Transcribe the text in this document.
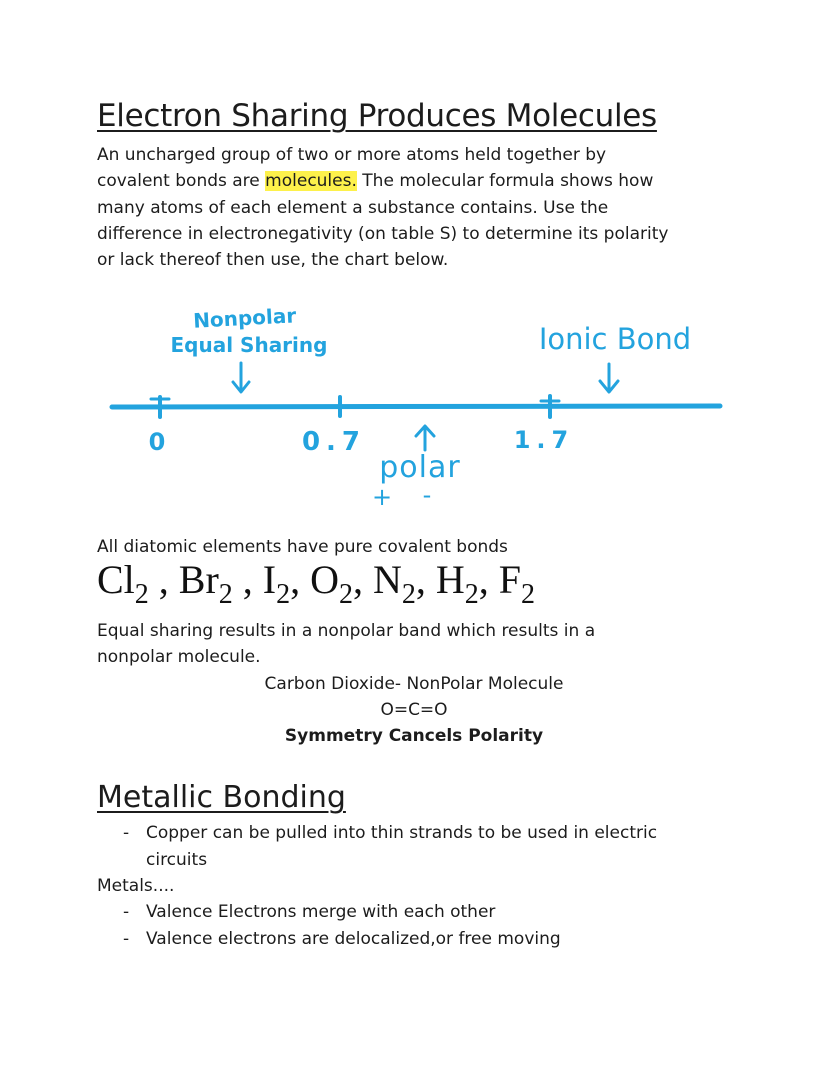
Electron Sharing Produces Molecules
An uncharged group of two or more atoms held together by
covalent bonds are molecules. The molecular formula shows how
many atoms of each element a substance contains. Use the
difference in electronegativity (on table S) to determine its polarity
or lack thereof then use, the chart below.
Nonpolar
Equal Sharing	Ionic Bond
0	0.7	1.7
polar
+ -
All diatomic elements have pure covalent bonds
$Cl_2$ , $Br_2$ , $I_2$, $O_2$, $N_2$, $H_2$, $F_2$
Equal sharing results in a nonpolar band which results in a
nonpolar molecule.
Carbon Dioxide- NonPolar Molecule
O=C=O
Symmetry Cancels Polarity
Metallic Bonding
- Copper can be pulled into thin strands to be used in electric
circuits
Metals....
- Valence Electrons merge with each other
- Valence electrons are delocalized,or free moving
